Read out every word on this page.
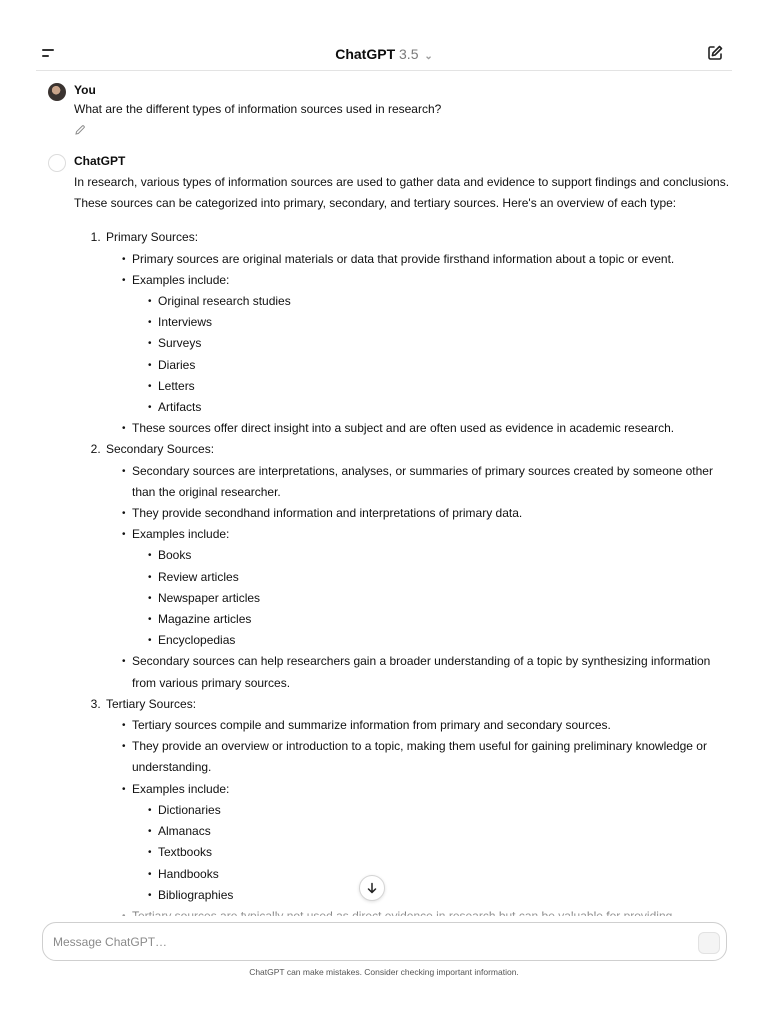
ChatGPT 3.5 ⌄
You
What are the different types of information sources used in research?
ChatGPT

In research, various types of information sources are used to gather data and evidence to support findings and conclusions.

These sources can be categorized into primary, secondary, and tertiary sources. Here's an overview of each type:

1. Primary Sources:
• Primary sources are original materials or data that provide firsthand information about a topic or event.
• Examples include:
• Original research studies
• Interviews
• Surveys
• Diaries
• Letters
• Artifacts
• These sources offer direct insight into a subject and are often used as evidence in academic research.
2. Secondary Sources:
• Secondary sources are interpretations, analyses, or summaries of primary sources created by someone other than the original researcher.
• They provide secondhand information and interpretations of primary data.
• Examples include:
• Books
• Review articles
• Newspaper articles
• Magazine articles
• Encyclopedias
• Secondary sources can help researchers gain a broader understanding of a topic by synthesizing information from various primary sources.
3. Tertiary Sources:
• Tertiary sources compile and summarize information from primary and secondary sources.
• They provide an overview or introduction to a topic, making them useful for gaining preliminary knowledge or understanding.
• Examples include:
• Dictionaries
• Almanacs
• Textbooks
• Handbooks
• Bibliographies
•
Message ChatGPT…
ChatGPT can make mistakes. Consider checking important information.
